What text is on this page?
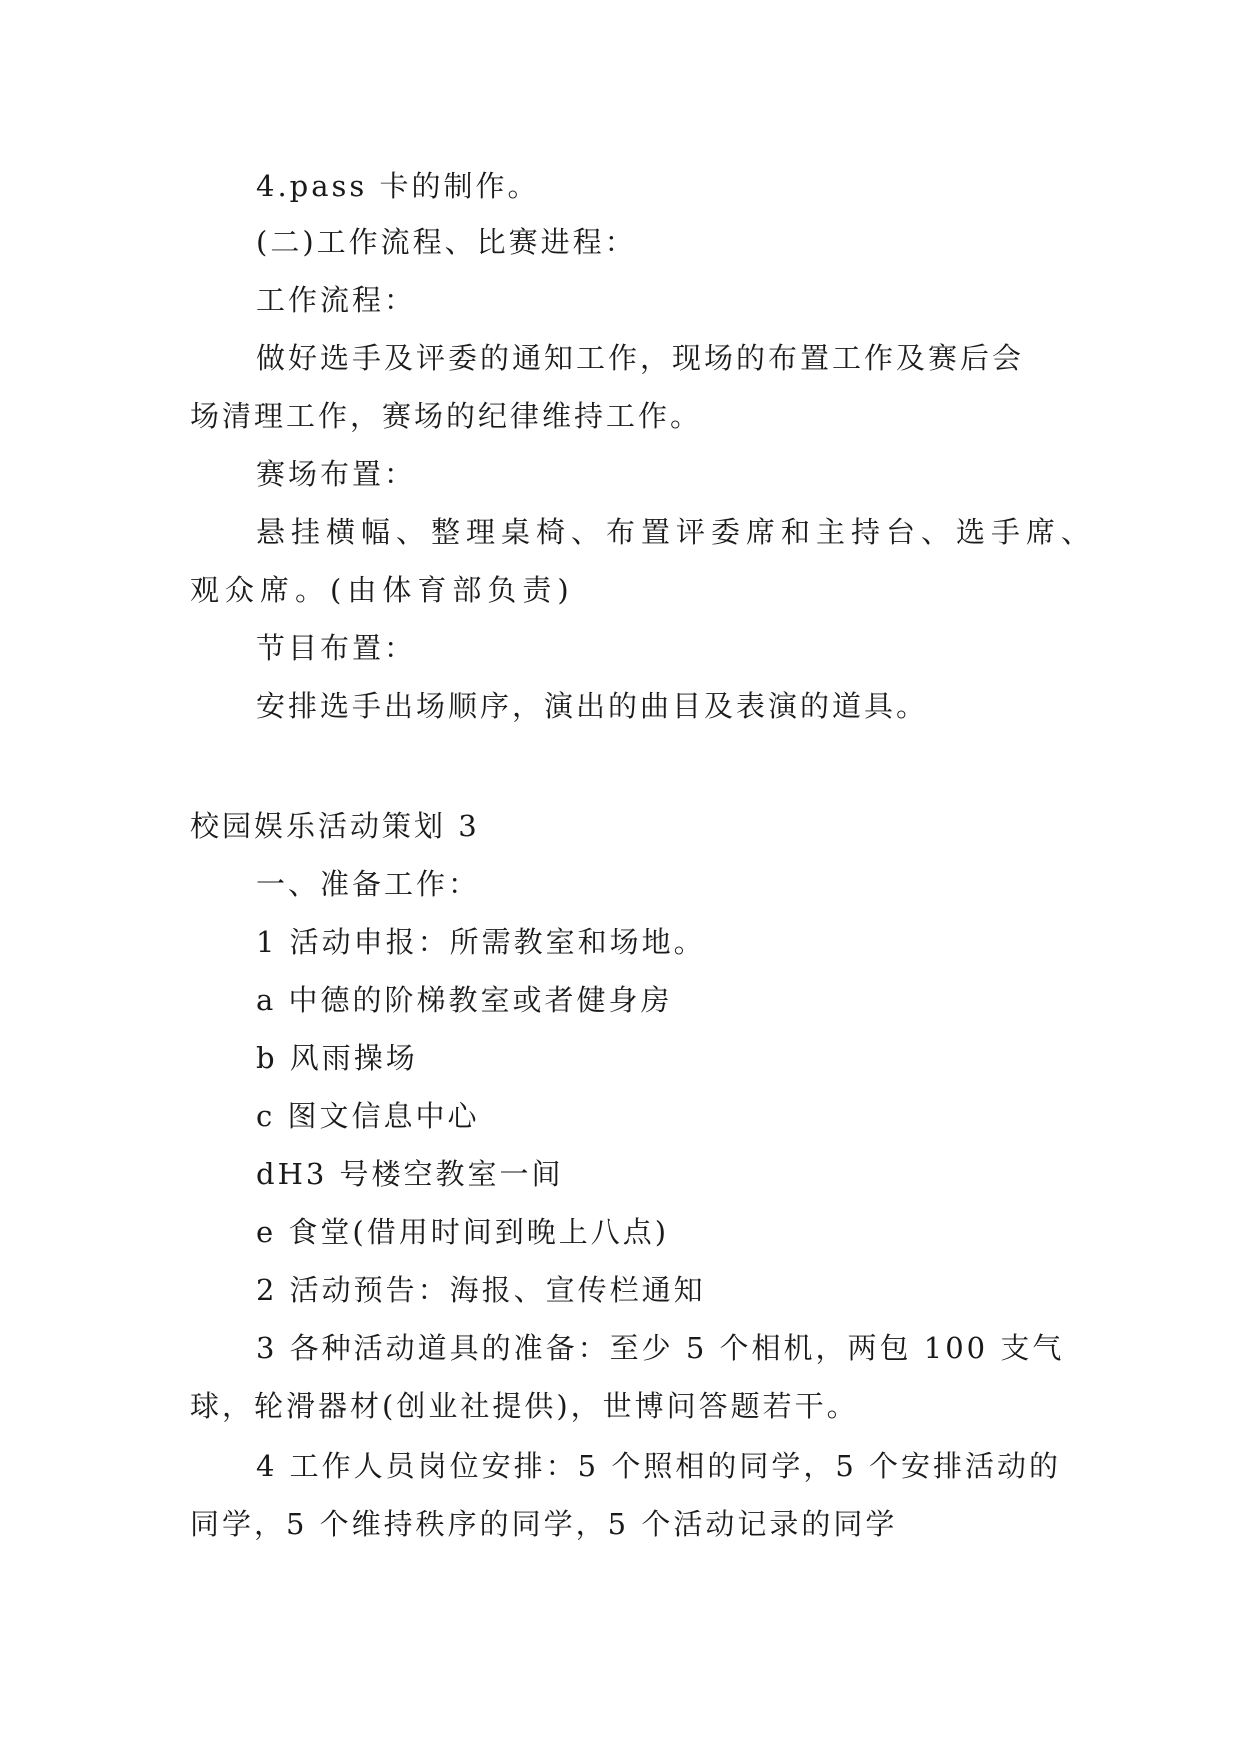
4.pass 卡的制作。
(二)工作流程、比赛进程：
工作流程：
做好选手及评委的通知工作，现场的布置工作及赛后会
场清理工作，赛场的纪律维持工作。
赛场布置：
悬挂横幅、整理桌椅、布置评委席和主持台、选手席、
观众席。(由体育部负责)
节目布置：
安排选手出场顺序，演出的曲目及表演的道具。
校园娱乐活动策划 3
一、准备工作：
1 活动申报：所需教室和场地。
a 中德的阶梯教室或者健身房
b 风雨操场
c 图文信息中心
dH3 号楼空教室一间
e 食堂(借用时间到晚上八点)
2 活动预告：海报、宣传栏通知
3 各种活动道具的准备：至少 5 个相机，两包 100 支气
球，轮滑器材(创业社提供)，世博问答题若干。
4 工作人员岗位安排：5 个照相的同学，5 个安排活动的
同学，5 个维持秩序的同学，5 个活动记录的同学
